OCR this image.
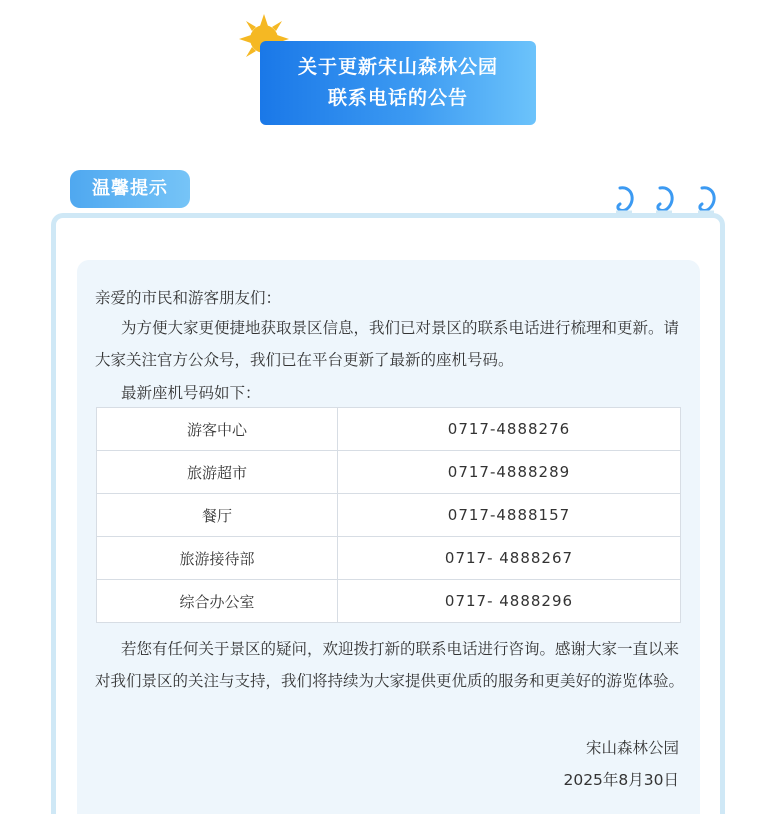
关于更新宋山森林公园
联系电话的公告
温馨提示
亲爱的市民和游客朋友们：
为方便大家更便捷地获取景区信息，我们已对景区的联系电话进行梳理和更新。请大家关注官方公众号，我们已在平台更新了最新的座机号码。
最新座机号码如下：
游客中心	0717-4888276
旅游超市	0717-4888289
餐厅	0717-4888157
旅游接待部	0717- 4888267
综合办公室	0717- 4888296
若您有任何关于景区的疑问，欢迎拨打新的联系电话进行咨询。感谢大家一直以来对我们景区的关注与支持，我们将持续为大家提供更优质的服务和更美好的游览体验。
宋山森林公园
2025年8月30日
